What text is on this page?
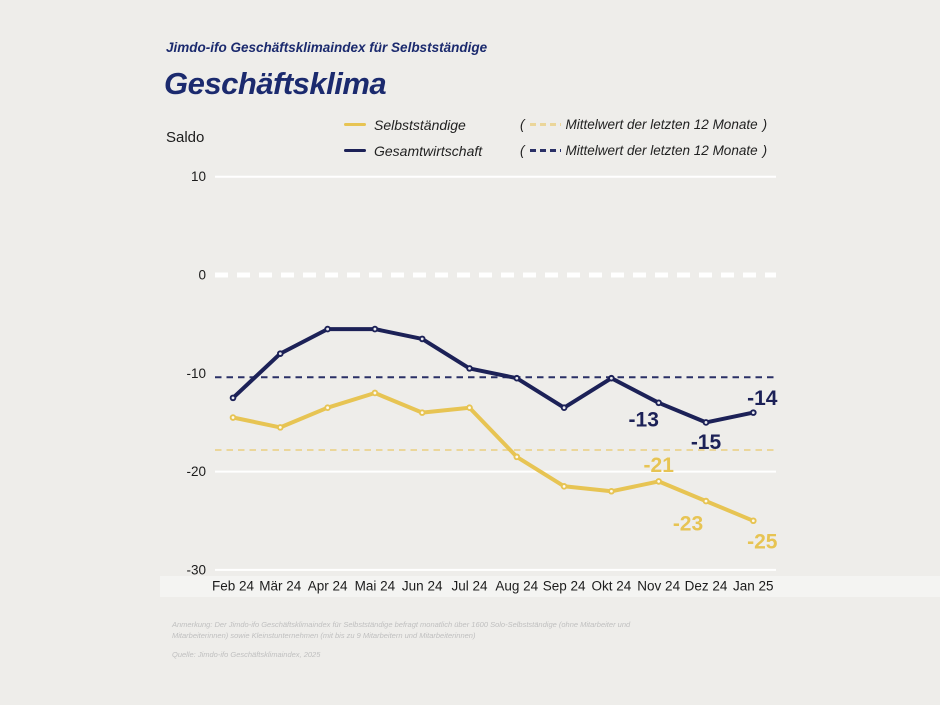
10
0
-10
-20
-30
Feb 24 Mär 24 Apr 24 Mai 24 Jun 24 Jul 24 Aug 24 Sep 24 Okt 24 Nov 24 Dez 24 Jan 25
-13
-15
-14
-21
-23
-25
Jimdo-ifo Geschäftsklimaindex für Selbstständige
Geschäftsklima
Saldo
Selbstständige	(	Mittelwert der letzten 12 Monate )
Gesamtwirtschaft	(	Mittelwert der letzten 12 Monate )
Anmerkung: Der Jimdo-ifo Geschäftsklimaindex für Selbstständige befragt monatlich über 1600 Solo-Selbstständige (ohne Mitarbeiter und Mitarbeiterinnen) sowie Kleinstunternehmen (mit bis zu 9 Mitarbeitern und Mitarbeiterinnen)
Quelle: Jimdo-ifo Geschäftsklimaindex, 2025
